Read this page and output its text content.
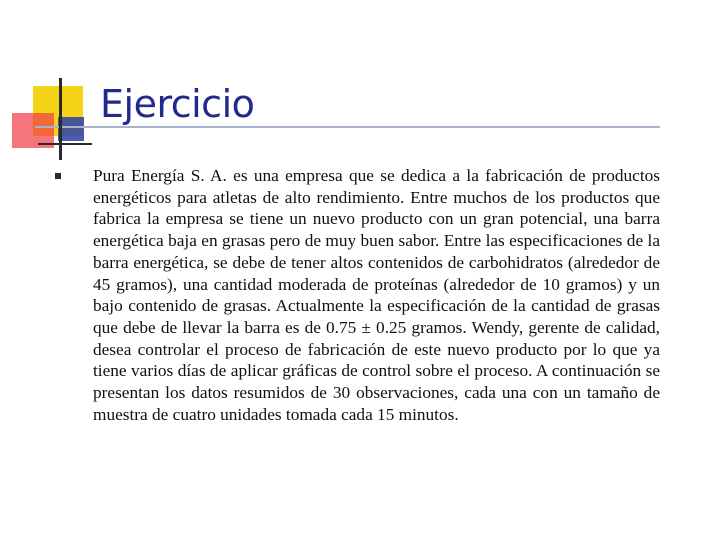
Ejercicio

Pura Energía S. A. es una empresa que se dedica a la fabricación de productos energéticos para atletas de alto rendimiento. Entre muchos de los productos que fabrica la empresa se tiene un nuevo producto con un gran potencial, una barra energética baja en grasas pero de muy buen sabor. Entre las especificaciones de la barra energética, se debe de tener altos contenidos de carbohidratos (alrededor de 45 gramos), una cantidad moderada de proteínas (alrededor de 10 gramos) y un bajo contenido de grasas. Actualmente la especificación de la cantidad de grasas que debe de llevar la barra es de 0.75 ± 0.25 gramos. Wendy, gerente de calidad, desea controlar el proceso de fabricación de este nuevo producto por lo que ya tiene varios días de aplicar gráficas de control sobre el proceso. A continuación se presentan los datos resumidos de 30 observaciones, cada una con un tamaño de muestra de cuatro unidades tomada cada 15 minutos.
